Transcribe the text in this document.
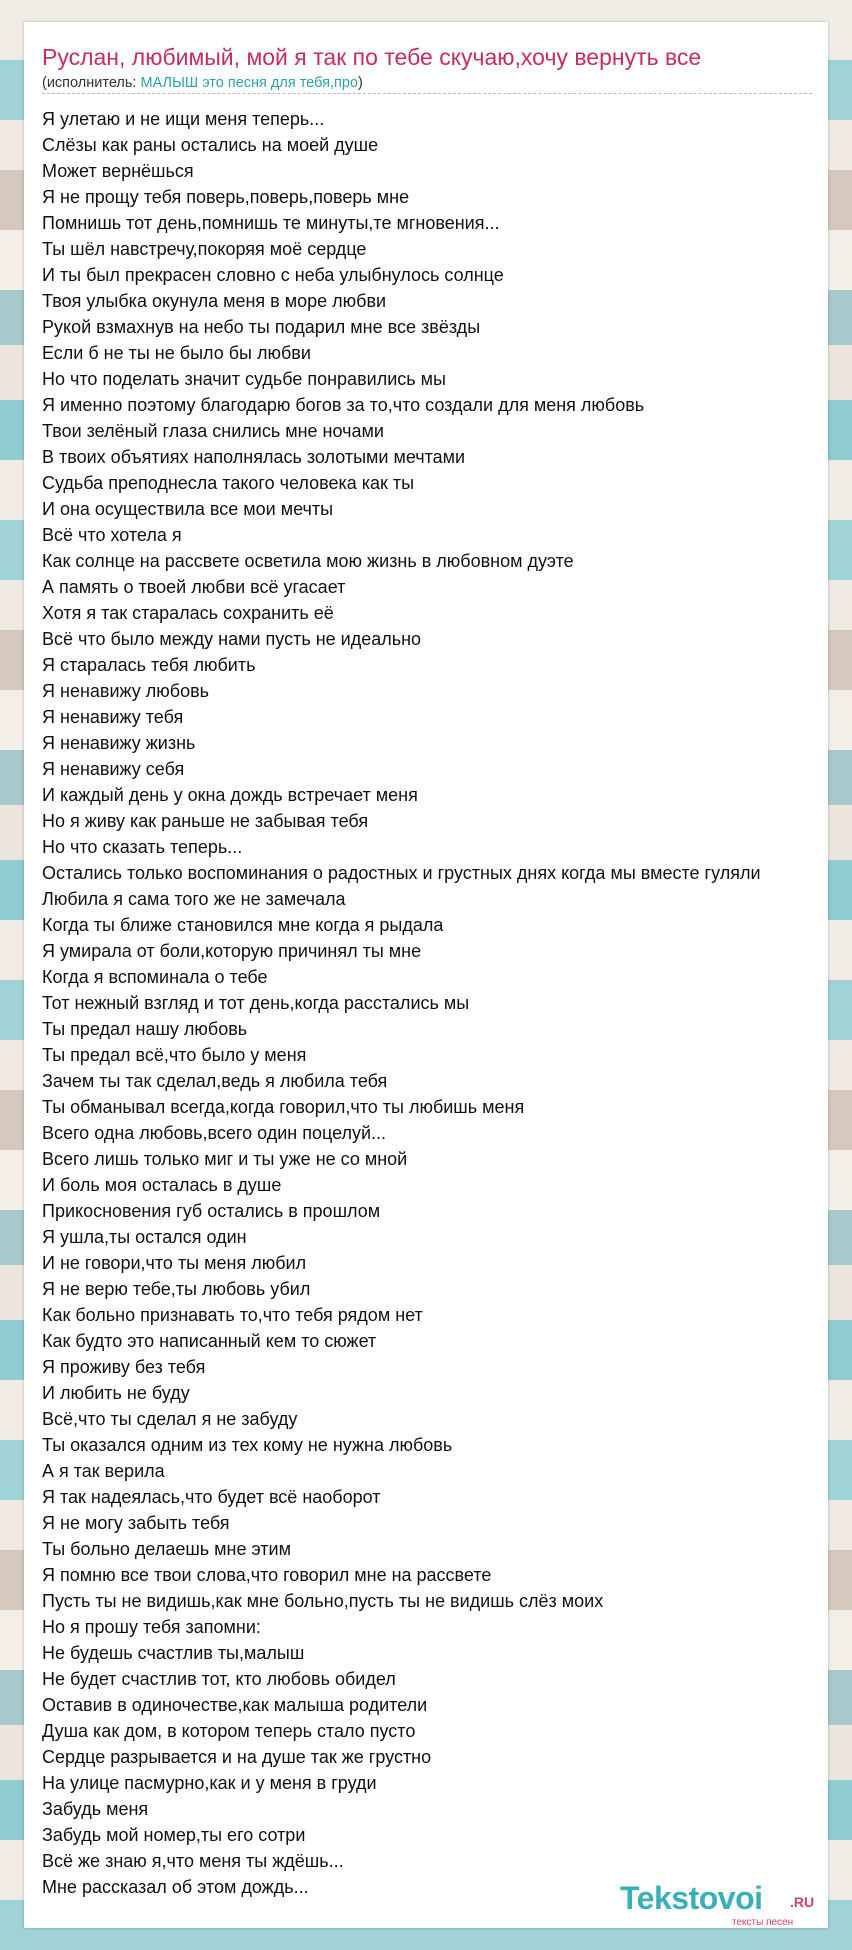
Руслан, любимый, мой я так по тебе скучаю,хочу вернуть все
(исполнитель: МАЛЫШ это песня для тебя,про)
Я улетаю и не ищи меня теперь...
Слёзы как раны остались на моей душе
Может вернёшься
Я не прощу тебя поверь,поверь,поверь мне
Помнишь тот день,помнишь те минуты,те мгновения...
Ты шёл навстречу,покоряя моё сердце
И ты был прекрасен словно с неба улыбнулось солнце
Твоя улыбка окунула меня в море любви
Рукой взмахнув на небо ты подарил мне все звёзды
Если б не ты не было бы любви
Но что поделать значит судьбе понравились мы
Я именно поэтому благодарю богов за то,что создали для меня любовь
Твои зелёный глаза снились мне ночами
В твоих объятиях наполнялась золотыми мечтами
Судьба преподнесла такого человека как ты
И она осуществила все мои мечты
Всё что хотела я
Как солнце на рассвете осветила мою жизнь в любовном дуэте
А память о твоей любви всё угасает
Хотя я так старалась сохранить её
Всё что было между нами пусть не идеально
Я старалась тебя любить
Я ненавижу любовь
Я ненавижу тебя
Я ненавижу жизнь
Я ненавижу себя
И каждый день у окна дождь встречает меня
Но я живу как раньше не забывая тебя
Но что сказать теперь...
Остались только воспоминания о радостных и грустных днях когда мы вместе гуляли
Любила я сама того же не замечала
Когда ты ближе становился мне когда я рыдала
Я умирала от боли,которую причинял ты мне
Когда я вспоминала о тебе
Тот нежный взгляд и тот день,когда расстались мы
Ты предал нашу любовь
Ты предал всё,что было у меня
Зачем ты так сделал,ведь я любила тебя
Ты обманывал всегда,когда говорил,что ты любишь меня
Всего одна любовь,всего один поцелуй...
Всего лишь только миг и ты уже не со мной
И боль моя осталась в душе
Прикосновения губ остались в прошлом
Я ушла,ты остался один
И не говори,что ты меня любил
Я не верю тебе,ты любовь убил
Как больно признавать то,что тебя рядом нет
Как будто это написанный кем то сюжет
Я проживу без тебя
И любить не буду
Всё,что ты сделал я не забуду
Ты оказался одним из тех кому не нужна любовь
А я так верила
Я так надеялась,что будет всё наоборот
Я не могу забыть тебя
Ты больно делаешь мне этим
Я помню все твои слова,что говорил мне на рассвете
Пусть ты не видишь,как мне больно,пусть ты не видишь слёз моих
Но я прошу тебя запомни:
Не будешь счастлив ты,малыш
Не будет счастлив тот, кто любовь обидел
Оставив в одиночестве,как малыша родители
Душа как дом, в котором теперь стало пусто
Сердце разрывается и на душе так же грустно
На улице пасмурно,как и у меня в груди
Забудь меня
Забудь мой номер,ты его сотри
Всё же знаю я,что меня ты ждёшь...
Мне рассказал об этом дождь...	Tekstovoi .RU
тексты песен
